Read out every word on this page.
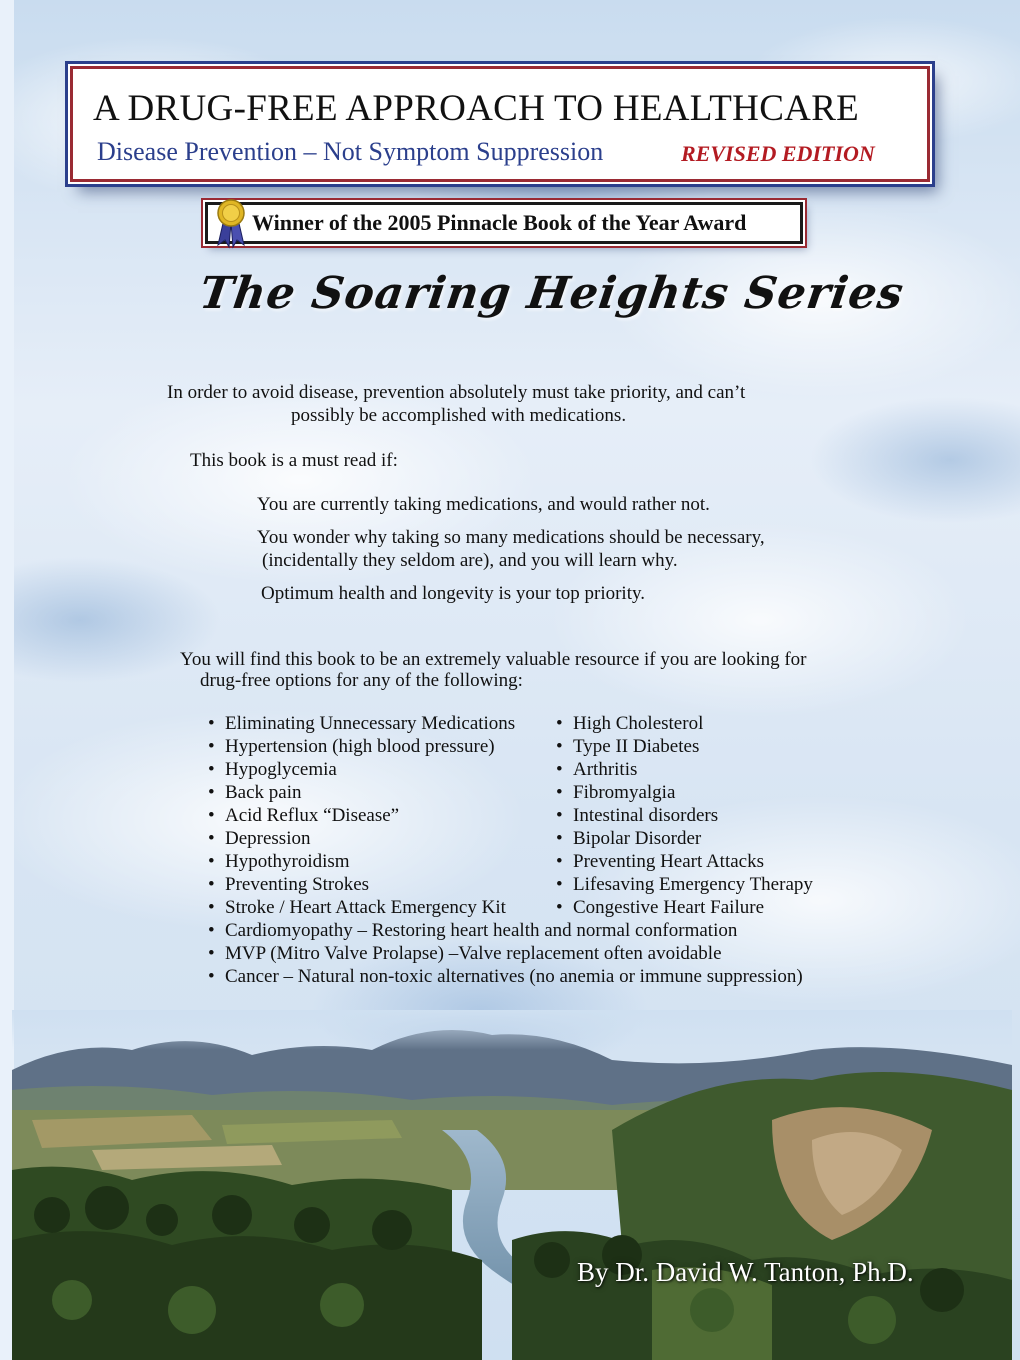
A DRUG-FREE APPROACH TO HEALTHCARE
Disease Prevention – Not Symptom Suppression	REVISED EDITION
Winner of the 2005 Pinnacle Book of the Year Award
The Soaring Heights Series
In order to avoid disease, prevention absolutely must take priority, and can’t
possibly be accomplished with medications.
This book is a must read if:
You are currently taking medications, and would rather not.
You wonder why taking so many medications should be necessary,
(incidentally they seldom are), and you will learn why.
Optimum health and longevity is your top priority.
You will find this book to be an extremely valuable resource if you are looking for
drug-free options for any of the following:
• Eliminating Unnecessary Medications
• Hypertension (high blood pressure)
• Hypoglycemia
• Back pain
• Acid Reflux “Disease”
• Depression
• Hypothyroidism
• Preventing Strokes
• Stroke / Heart Attack Emergency Kit
• High Cholesterol
• Type II Diabetes
• Arthritis
• Fibromyalgia
• Intestinal disorders
• Bipolar Disorder
• Preventing Heart Attacks
• Lifesaving Emergency Therapy
• Congestive Heart Failure
• Cardiomyopathy – Restoring heart health and normal conformation
• MVP (Mitro Valve Prolapse) –Valve replacement often avoidable
• Cancer – Natural non-toxic alternatives (no anemia or immune suppression)
By Dr. David W. Tanton, Ph.D.
